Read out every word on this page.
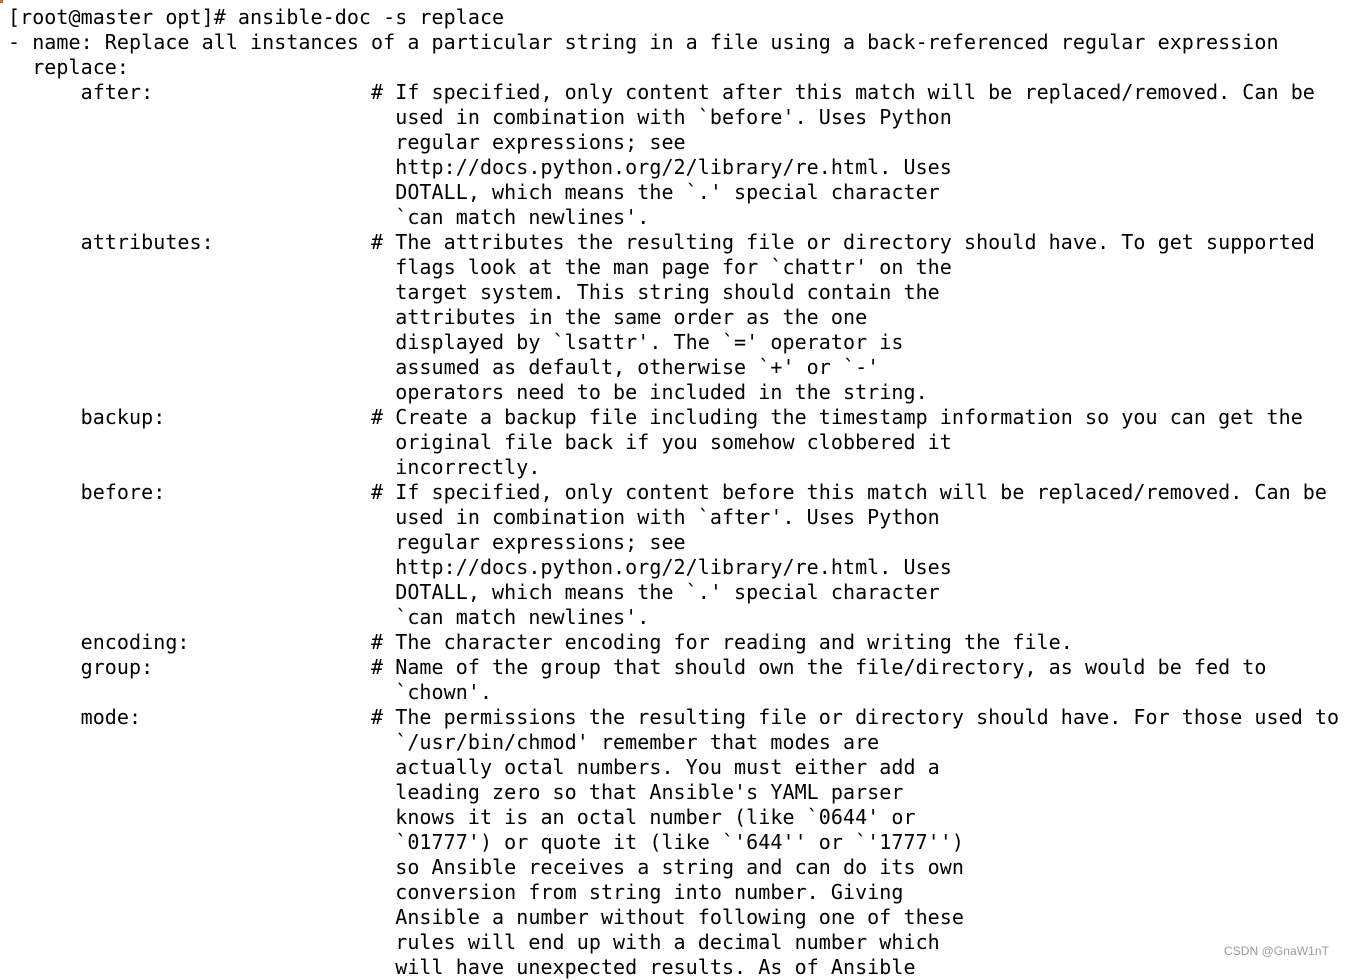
[root@master opt]# ansible-doc -s replace
- name: Replace all instances of a particular string in a file using a back-referenced regular expression
replace:
after:                  # If specified, only content after this match will be replaced/removed. Can be
used in combination with `before'. Uses Python
regular expressions; see
http://docs.python.org/2/library/re.html. Uses
DOTALL, which means the `.' special character
`can match newlines'.
attributes:             # The attributes the resulting file or directory should have. To get supported
flags look at the man page for `chattr' on the
target system. This string should contain the
attributes in the same order as the one
displayed by `lsattr'. The `=' operator is
assumed as default, otherwise `+' or `-'
operators need to be included in the string.
backup:                 # Create a backup file including the timestamp information so you can get the
original file back if you somehow clobbered it
incorrectly.
before:                 # If specified, only content before this match will be replaced/removed. Can be
used in combination with `after'. Uses Python
regular expressions; see
http://docs.python.org/2/library/re.html. Uses
DOTALL, which means the `.' special character
`can match newlines'.
encoding:               # The character encoding for reading and writing the file.
group:                  # Name of the group that should own the file/directory, as would be fed to
`chown'.
mode:                   # The permissions the resulting file or directory should have. For those used to
`/usr/bin/chmod' remember that modes are
actually octal numbers. You must either add a
leading zero so that Ansible's YAML parser
knows it is an octal number (like `0644' or
`01777') or quote it (like `'644'' or `'1777'')
so Ansible receives a string and can do its own
conversion from string into number. Giving
Ansible a number without following one of these
rules will end up with a decimal number which
will have unexpected results. As of Ansible
CSDN @GnaW1nT
